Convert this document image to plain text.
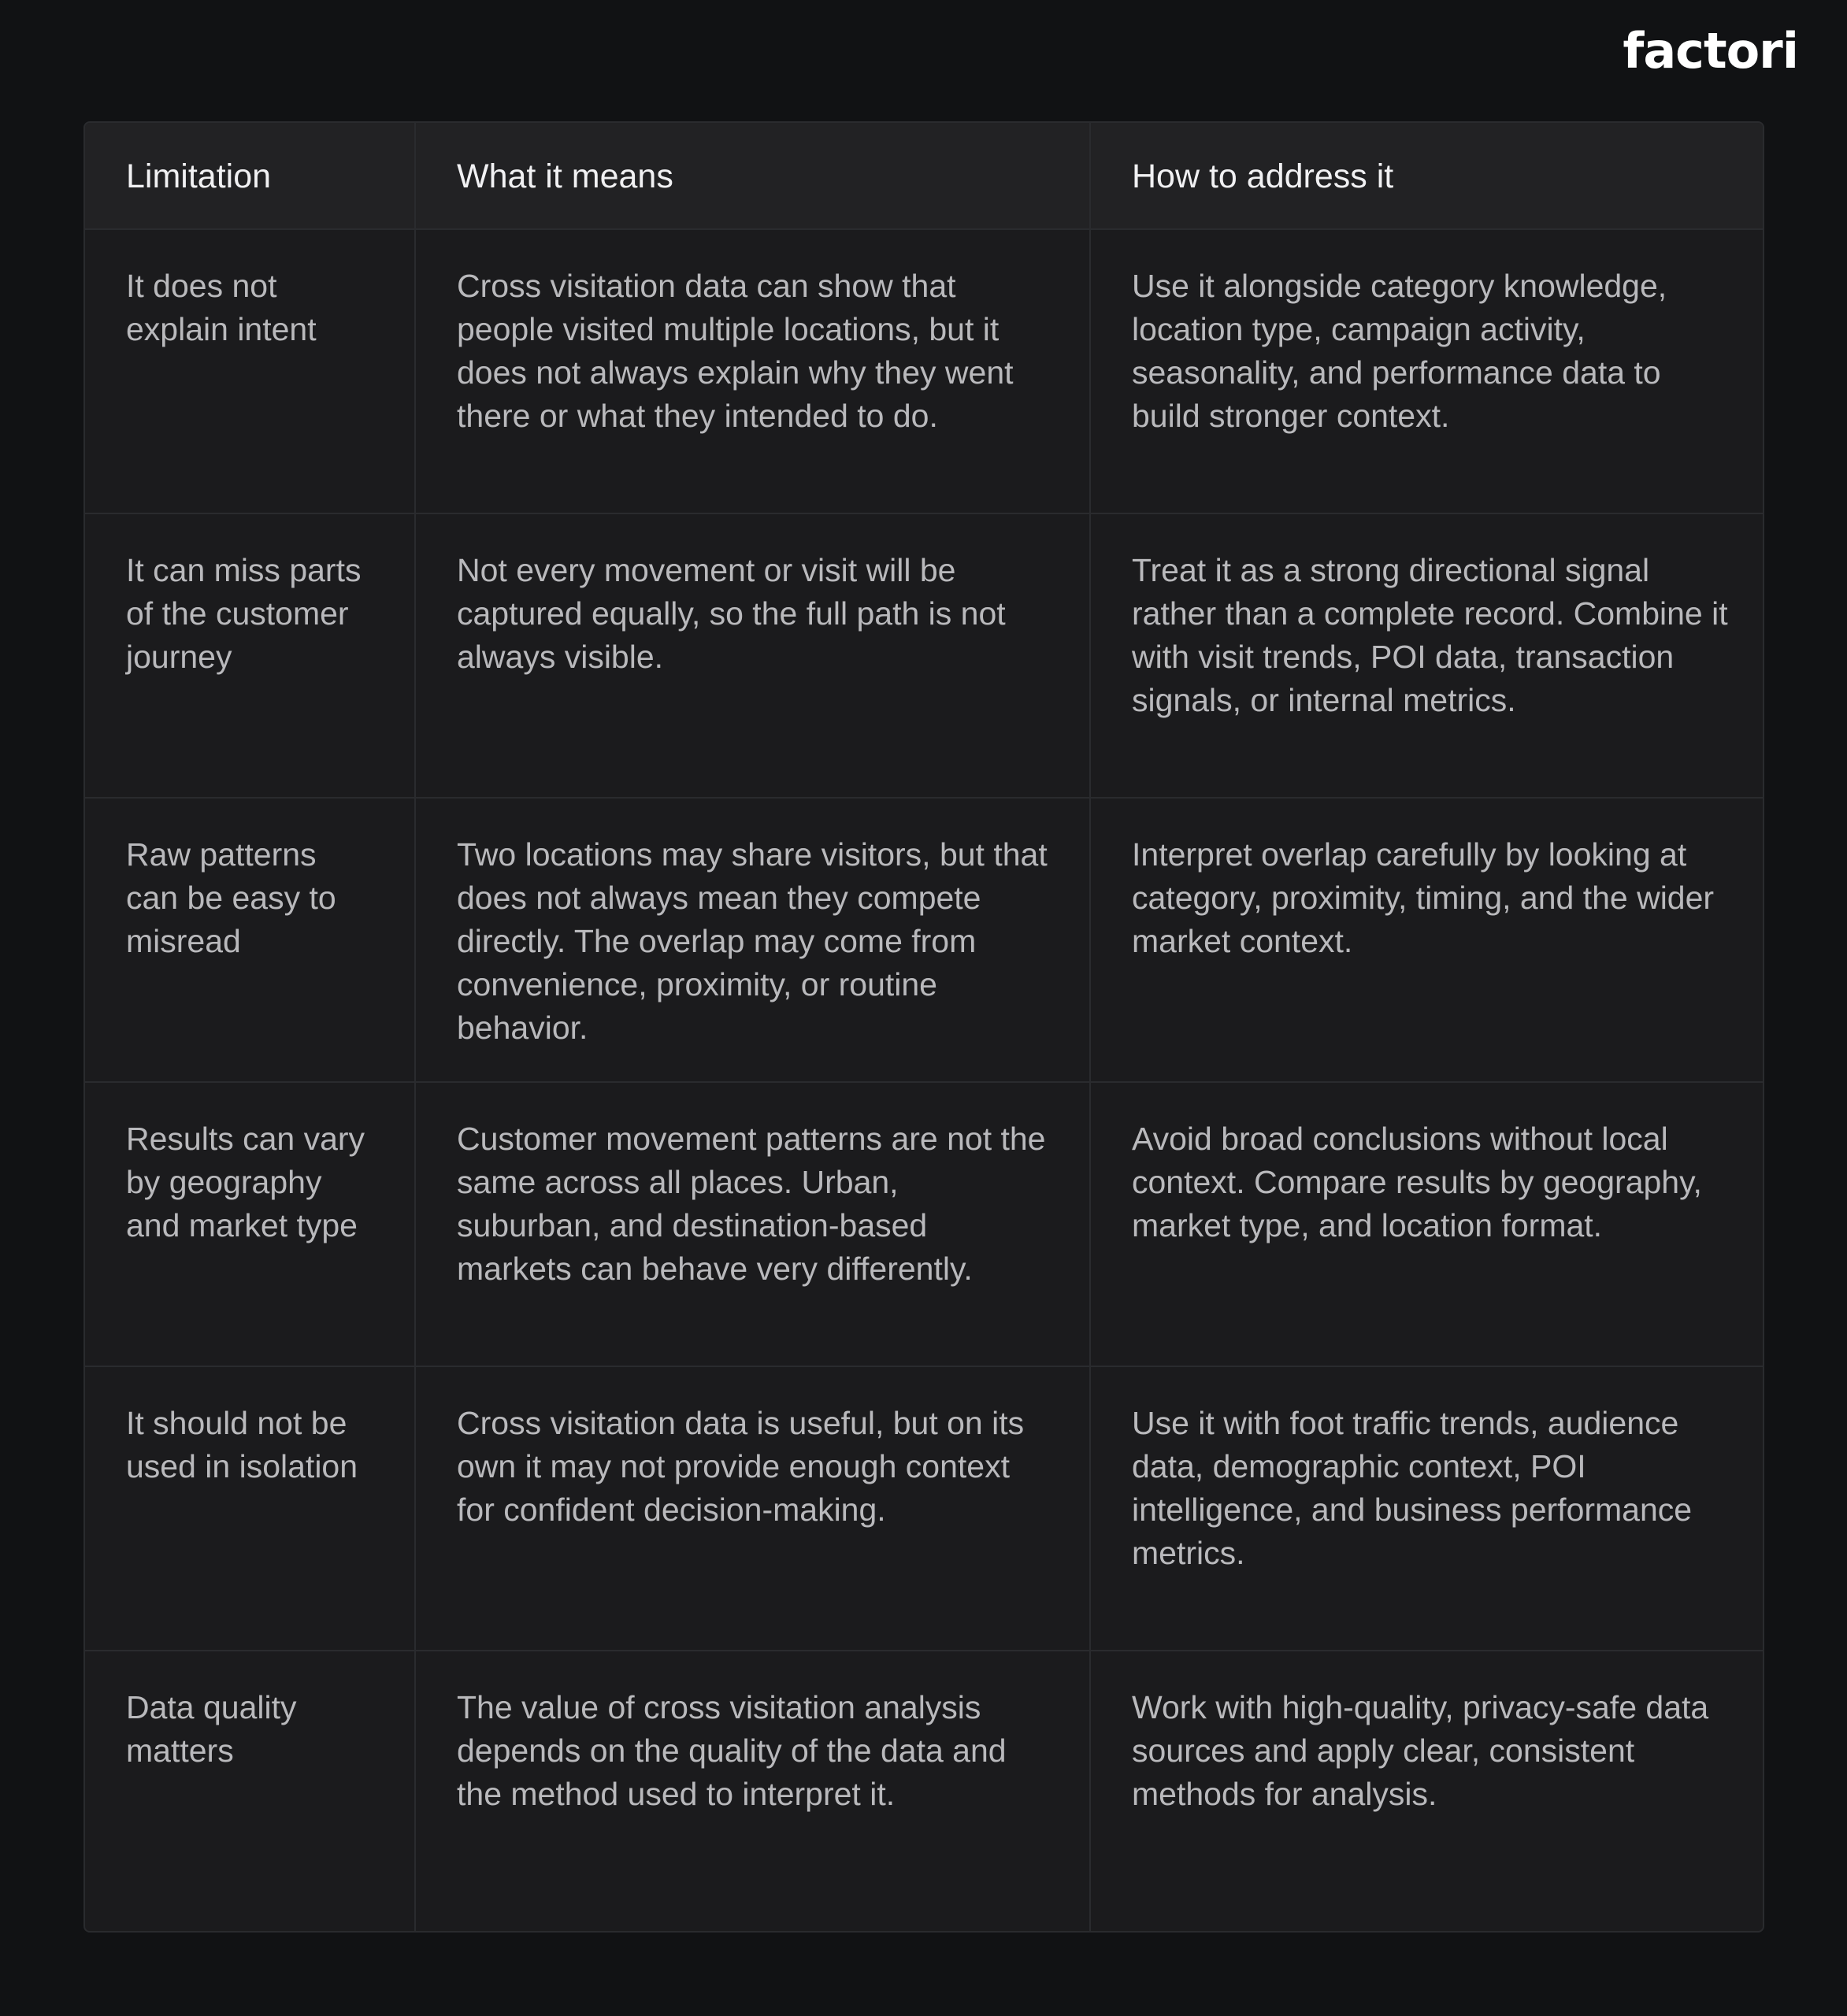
factori
Limitation	What it means	How to address it
It does not explain intent
Cross visitation data can show that people visited multiple locations, but it does not always explain why they went there or what they intended to do.
Use it alongside category knowledge, location type, campaign activity, seasonality, and performance data to build stronger context.
It can miss parts of the customer journey
Not every movement or visit will be captured equally, so the full path is not always visible.
Treat it as a strong directional signal rather than a complete record. Combine it with visit trends, POI data, transaction signals, or internal metrics.
Raw patterns can be easy to misread
Two locations may share visitors, but that does not always mean they compete directly. The overlap may come from convenience, proximity, or routine behavior.
Interpret overlap carefully by looking at category, proximity, timing, and the wider market context.
Results can vary by geography and market type
Customer movement patterns are not the same across all places. Urban, suburban, and destination-based markets can behave very differently.
Avoid broad conclusions without local context. Compare results by geography, market type, and location format.
It should not be used in isolation
Cross visitation data is useful, but on its own it may not provide enough context for confident decision-making.
Use it with foot traffic trends, audience data, demographic context, POI intelligence, and business performance metrics.
Data quality matters
The value of cross visitation analysis depends on the quality of the data and the method used to interpret it.
Work with high-quality, privacy-safe data sources and apply clear, consistent methods for analysis.
